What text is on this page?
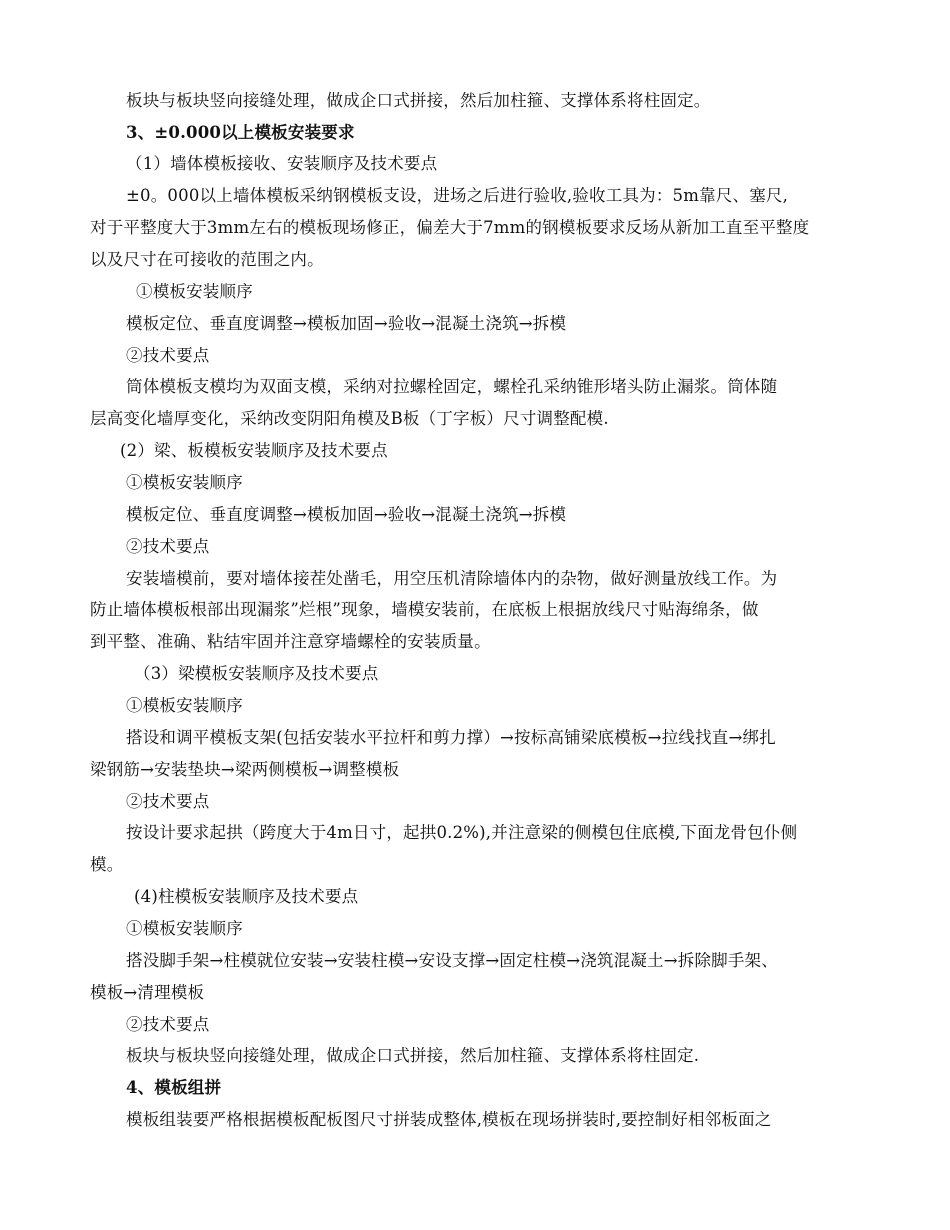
板块与板块竖向接缝处理，做成企口式拼接，然后加柱箍、支撑体系将柱固定。
3、±0.000以上模板安装要求
（1）墙体模板接收、安装顺序及技术要点
±0。000以上墙体模板采纳钢模板支设，进场之后进行验收,验收工具为：5m靠尺、塞尺,
对于平整度大于3mm左右的模板现场修正，偏差大于7mm的钢模板要求反场从新加工直至平整度
以及尺寸在可接收的范围之内。
①模板安装顺序
模板定位、垂直度调整→模板加固→验收→混凝土浇筑→拆模
②技术要点
筒体模板支模均为双面支模，采纳对拉螺栓固定，螺栓孔采纳锥形堵头防止漏浆。筒体随
层高变化墙厚变化，采纳改变阴阳角模及B板（丁字板）尺寸调整配模.
(2）梁、板模板安装顺序及技术要点
①模板安装顺序
模板定位、垂直度调整→模板加固→验收→混凝土浇筑→拆模
②技术要点
安装墙模前，要对墙体接茬处凿毛，用空压机清除墙体内的杂物，做好测量放线工作。为
防止墙体模板根部出现漏浆”烂根”现象，墙模安装前，在底板上根据放线尺寸贴海绵条，做
到平整、准确、粘结牢固并注意穿墙螺栓的安装质量。
（3）梁模板安装顺序及技术要点
①模板安装顺序
搭设和调平模板支架(包括安装水平拉杆和剪力撑）→按标高铺梁底模板→拉线找直→绑扎
梁钢筋→安装垫块→梁两侧模板→调整模板
②技术要点
按设计要求起拱（跨度大于4m日寸，起拱0.2%),并注意梁的侧模包住底模,下面龙骨包仆侧
模。
(4)柱模板安装顺序及技术要点
①模板安装顺序
搭没脚手架→柱模就位安装→安装柱模→安设支撑→固定柱模→浇筑混凝土→拆除脚手架、
模板→清理模板
②技术要点
板块与板块竖向接缝处理，做成企口式拼接，然后加柱箍、支撑体系将柱固定.
4、模板组拼
模板组装要严格根据模板配板图尺寸拼装成整体,模板在现场拼装时,要控制好相邻板面之
